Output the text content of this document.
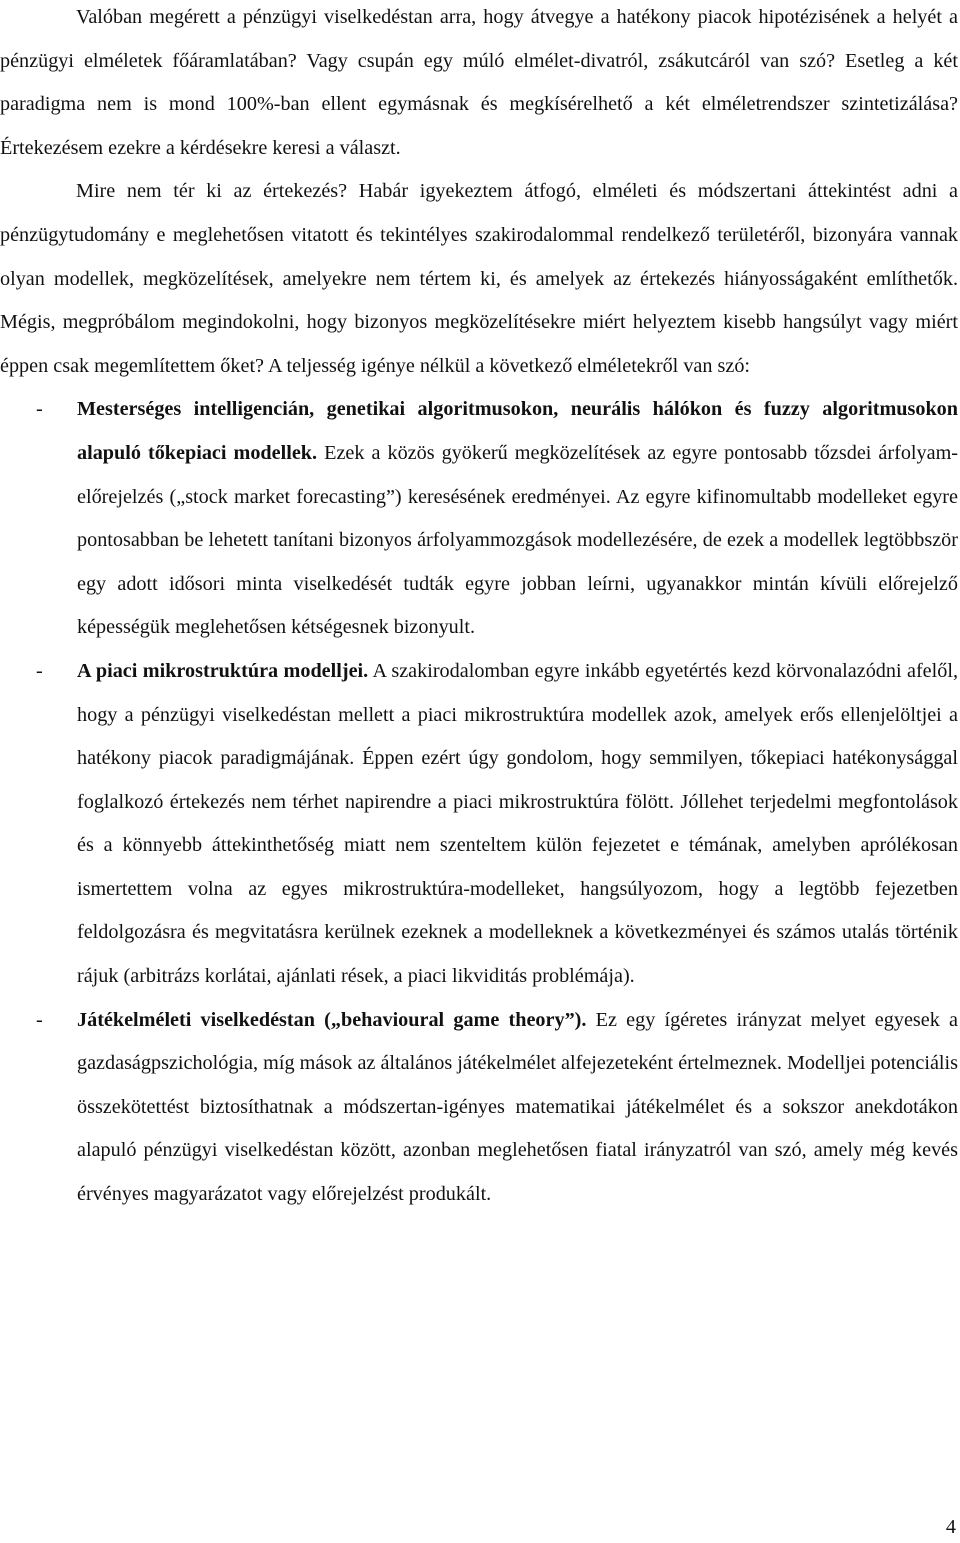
Valóban megérett a pénzügyi viselkedéstan arra, hogy átvegye a hatékony piacok hipotézisének a helyét a pénzügyi elméletek főáramlatában? Vagy csupán egy múló elmélet-divatról, zsákutcáról van szó? Esetleg a két paradigma nem is mond 100%-ban ellent egymásnak és megkísérelhető a két elméletrendszer szintetizálása? Értekezésem ezekre a kérdésekre keresi a választ.

Mire nem tér ki az értekezés? Habár igyekeztem átfogó, elméleti és módszertani áttekintést adni a pénzügytudomány e meglehetősen vitatott és tekintélyes szakirodalommal rendelkező területéről, bizonyára vannak olyan modellek, megközelítések, amelyekre nem tértem ki, és amelyek az értekezés hiányosságaként említhetők. Mégis, megpróbálom megindokolni, hogy bizonyos megközelítésekre miért helyeztem kisebb hangsúlyt vagy miért éppen csak megemlítettem őket? A teljesség igénye nélkül a következő elméletekről van szó:

- Mesterséges intelligencián, genetikai algoritmusokon, neurális hálókon és fuzzy algoritmusokon alapuló tőkepiaci modellek. Ezek a közös gyökerű megközelítések az egyre pontosabb tőzsdei árfolyam-előrejelzés („stock market forecasting”) keresésének eredményei. Az egyre kifinomultabb modelleket egyre pontosabban be lehetett tanítani bizonyos árfolyammozgások modellezésére, de ezek a modellek legtöbbször egy adott idősori minta viselkedését tudták egyre jobban leírni, ugyanakkor mintán kívüli előrejelző képességük meglehetősen kétségesnek bizonyult.
- A piaci mikrostruktúra modelljei. A szakirodalomban egyre inkább egyetértés kezd körvonalazódni afelől, hogy a pénzügyi viselkedéstan mellett a piaci mikrostruktúra modellek azok, amelyek erős ellenjelöltjei a hatékony piacok paradigmájának. Éppen ezért úgy gondolom, hogy semmilyen, tőkepiaci hatékonysággal foglalkozó értekezés nem térhet napirendre a piaci mikrostruktúra fölött. Jóllehet terjedelmi megfontolások és a könnyebb áttekinthetőség miatt nem szenteltem külön fejezetet e témának, amelyben aprólékosan ismertettem volna az egyes mikrostruktúra-modelleket, hangsúlyozom, hogy a legtöbb fejezetben feldolgozásra és megvitatásra kerülnek ezeknek a modelleknek a következményei és számos utalás történik rájuk (arbitrázs korlátai, ajánlati rések, a piaci likviditás problémája).
- Játékelméleti viselkedéstan („behavioural game theory”). Ez egy ígéretes irányzat melyet egyesek a gazdaságpszichológia, míg mások az általános játékelmélet alfejezeteként értelmeznek. Modelljei potenciális összekötettést biztosíthatnak a módszertan-igényes matematikai játékelmélet és a sokszor anekdotákon alapuló pénzügyi viselkedéstan között, azonban meglehetősen fiatal irányzatról van szó, amely még kevés érvényes magyarázatot vagy előrejelzést produkált.
4
